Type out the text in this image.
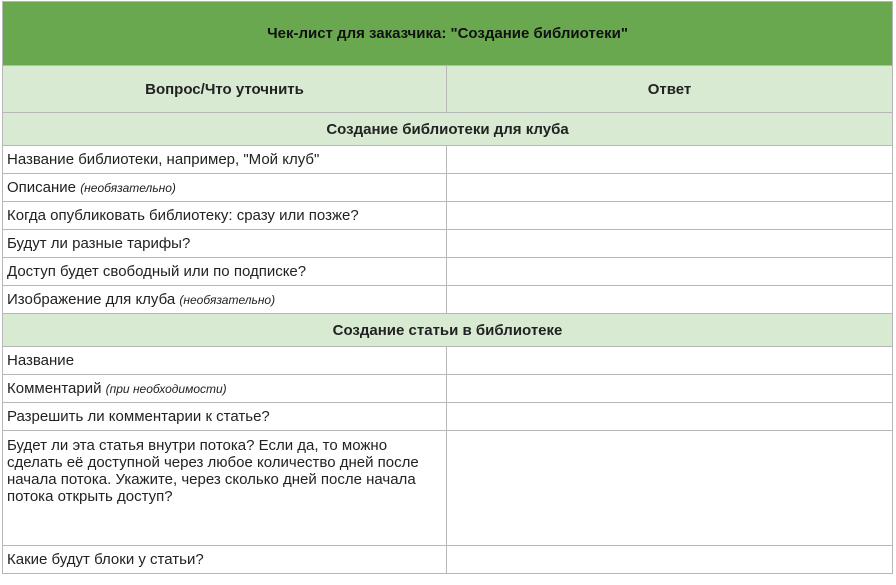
Чек-лист для заказчика: "Создание библиотеки"	
Вопрос/Что уточнить	Ответ
Создание библиотеки для клуба	
Название библиотеки, например, "Мой клуб"	
Описание (необязательно)	
Когда опубликовать библиотеку: сразу или позже?	
Будут ли разные тарифы?	
Доступ будет свободный или по подписке?	
Изображение для клуба (необязательно)	
Создание статьи в библиотеке	
Название	
Комментарий (при необходимости)	
Разрешить ли комментарии к статье?	
Будет ли эта статья внутри потока? Если да, то можно сделать её доступной через любое количество дней после начала потока. Укажите, через сколько дней после начала потока открыть доступ?	
Какие будут блоки у статьи?	
